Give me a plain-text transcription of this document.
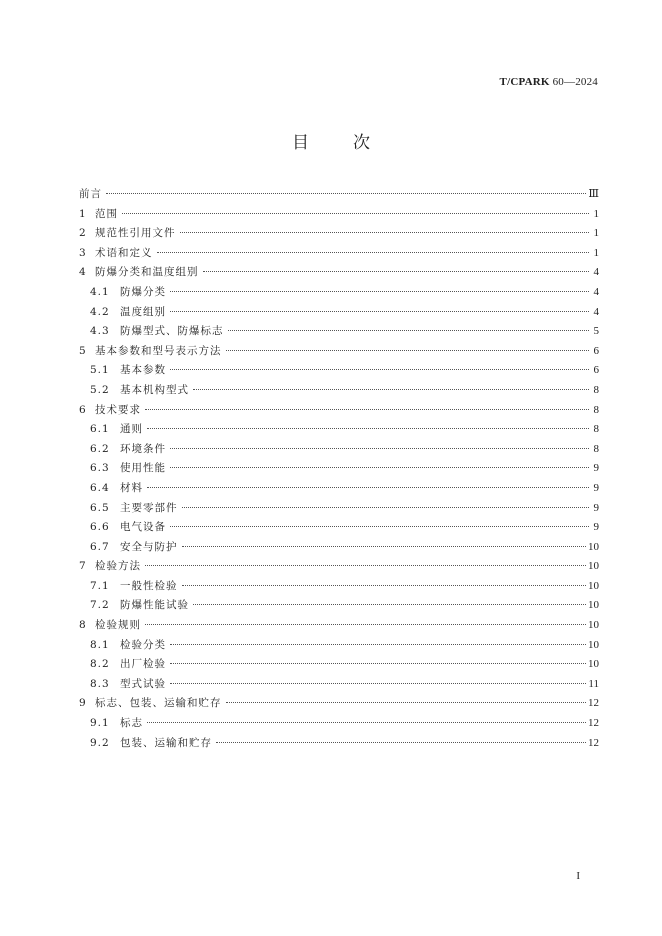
T/CPARK 60—2024
目	次
前言	Ⅲ
1 范围	1
2 规范性引用文件	1
3 术语和定义	1
4 防爆分类和温度组别	4
4.1 防爆分类	4
4.2 温度组别	4
4.3 防爆型式、防爆标志	5
5 基本参数和型号表示方法	6
5.1 基本参数	6
5.2 基本机构型式	8
6 技术要求	8
6.1 通则	8
6.2 环境条件	8
6.3 使用性能	9
6.4 材料	9
6.5 主要零部件	9
6.6 电气设备	9
6.7 安全与防护	10
7 检验方法	10
7.1 一般性检验	10
7.2 防爆性能试验	10
8 检验规则	10
8.1 检验分类	10
8.2 出厂检验	10
8.3 型式试验	11
9 标志、包装、运输和贮存	12
9.1 标志	12
9.2 包装、运输和贮存	12
I
